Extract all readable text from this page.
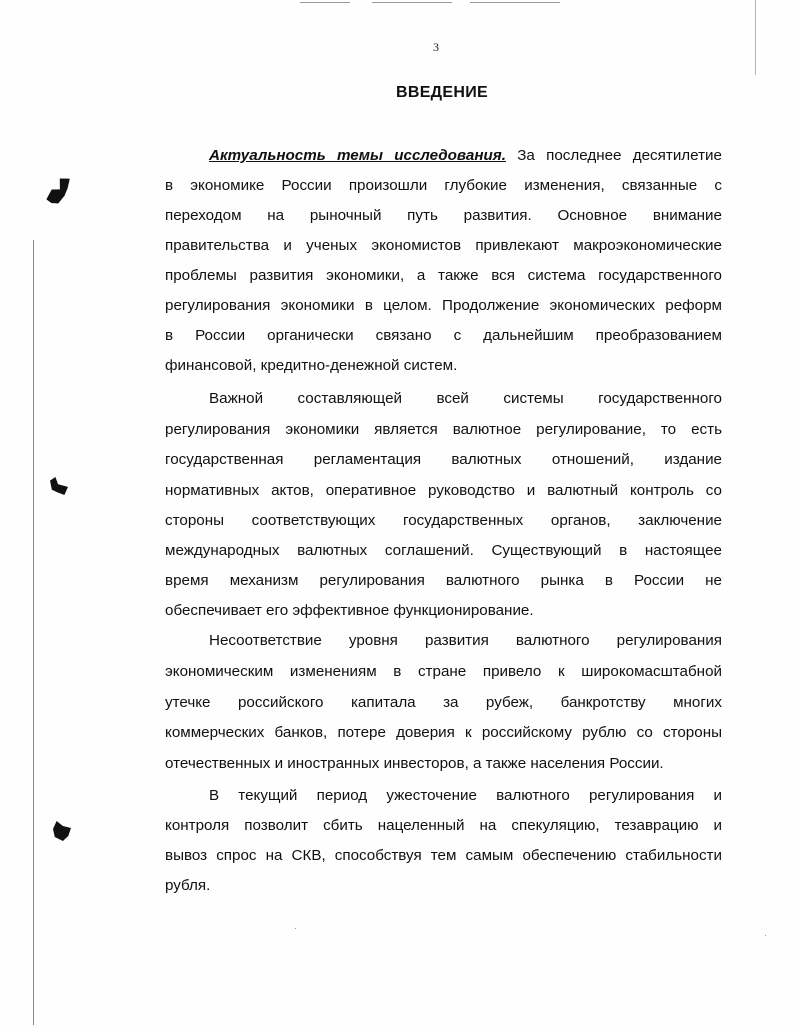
3
ВВЕДЕНИЕ
Актуальность темы исследования. За последнее десятилетие
в экономике России произошли глубокие изменения, связанные с
переходом на рыночный путь развития. Основное внимание
правительства и ученых экономистов привлекают макроэкономические
проблемы развития экономики, а также вся система государственного
регулирования экономики в целом. Продолжение экономических реформ
в России органически связано с дальнейшим преобразованием
финансовой, кредитно-денежной систем.
Важной составляющей всей системы государственного
регулирования экономики является валютное регулирование, то есть
государственная регламентация валютных отношений, издание
нормативных актов, оперативное руководство и валютный контроль со
стороны соответствующих государственных органов, заключение
международных валютных соглашений. Существующий в настоящее
время механизм регулирования валютного рынка в России не
обеспечивает его эффективное функционирование.
Несоответствие уровня развития валютного регулирования
экономическим изменениям в стране привело к широкомасштабной
утечке российского капитала за рубеж, банкротству многих
коммерческих банков, потере доверия к российскому рублю со стороны
отечественных и иностранных инвесторов, а также населения России.
В текущий период ужесточение валютного регулирования и
контроля позволит сбить нацеленный на спекуляцию, тезаврацию и
вывоз спрос на СКВ, способствуя тем самым обеспечению стабильности
рубля.
